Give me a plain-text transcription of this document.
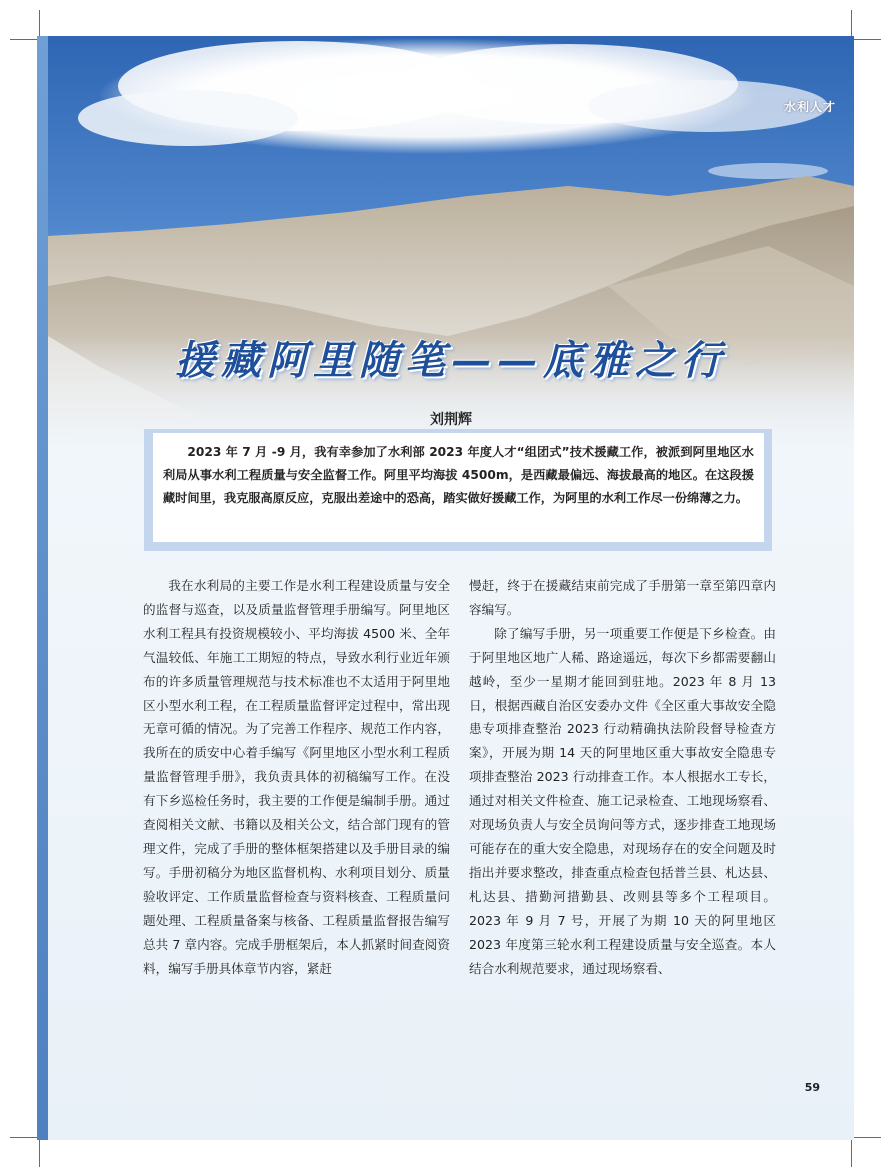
水利人才
援藏阿里随笔——底雅之行
刘荆辉
2023 年 7 月 -9 月，我有幸参加了水利部 2023 年度人才“组团式”技术援藏工作，被派到阿里地区水利局从事水利工程质量与安全监督工作。阿里平均海拔 4500m，是西藏最偏远、海拔最高的地区。在这段援藏时间里，我克服高原反应，克服出差途中的恐高，踏实做好援藏工作，为阿里的水利工作尽一份绵薄之力。

我在水利局的主要工作是水利工程建设质量与安全的监督与巡查，以及质量监督管理手册编写。阿里地区水利工程具有投资规模较小、平均海拔 4500 米、全年气温较低、年施工工期短的特点，导致水利行业近年颁布的许多质量管理规范与技术标准也不太适用于阿里地区小型水利工程，在工程质量监督评定过程中，常出现无章可循的情况。为了完善工作程序、规范工作内容，我所在的质安中心着手编写《阿里地区小型水利工程质量监督管理手册》，我负责具体的初稿编写工作。在没有下乡巡检任务时，我主要的工作便是编制手册。通过查阅相关文献、书籍以及相关公文，结合部门现有的管理文件，完成了手册的整体框架搭建以及手册目录的编写。手册初稿分为地区监督机构、水利项目划分、质量验收评定、工作质量监督检查与资料核查、工程质量问题处理、工程质量备案与核备、工程质量监督报告编写总共 7 章内容。完成手册框架后，本人抓紧时间查阅资料，编写手册具体章节内容，紧赶

慢赶，终于在援藏结束前完成了手册第一章至第四章内容编写。

除了编写手册，另一项重要工作便是下乡检查。由于阿里地区地广人稀、路途遥远，每次下乡都需要翻山越岭，至少一星期才能回到驻地。2023 年 8 月 13 日，根据西藏自治区安委办文件《全区重大事故安全隐患专项排查整治 2023 行动精确执法阶段督导检查方案》，开展为期 14 天的阿里地区重大事故安全隐患专项排查整治 2023 行动排查工作。本人根据水工专长，通过对相关文件检查、施工记录检查、工地现场察看、对现场负责人与安全员询问等方式，逐步排查工地现场可能存在的重大安全隐患，对现场存在的安全问题及时指出并要求整改，排查重点检查包括普兰县、札达县、札达县、措勤河措勤县、改则县等多个工程项目。2023 年 9 月 7 号，开展了为期 10 天的阿里地区 2023 年度第三轮水利工程建设质量与安全巡查。本人结合水利规范要求，通过现场察看、

59
